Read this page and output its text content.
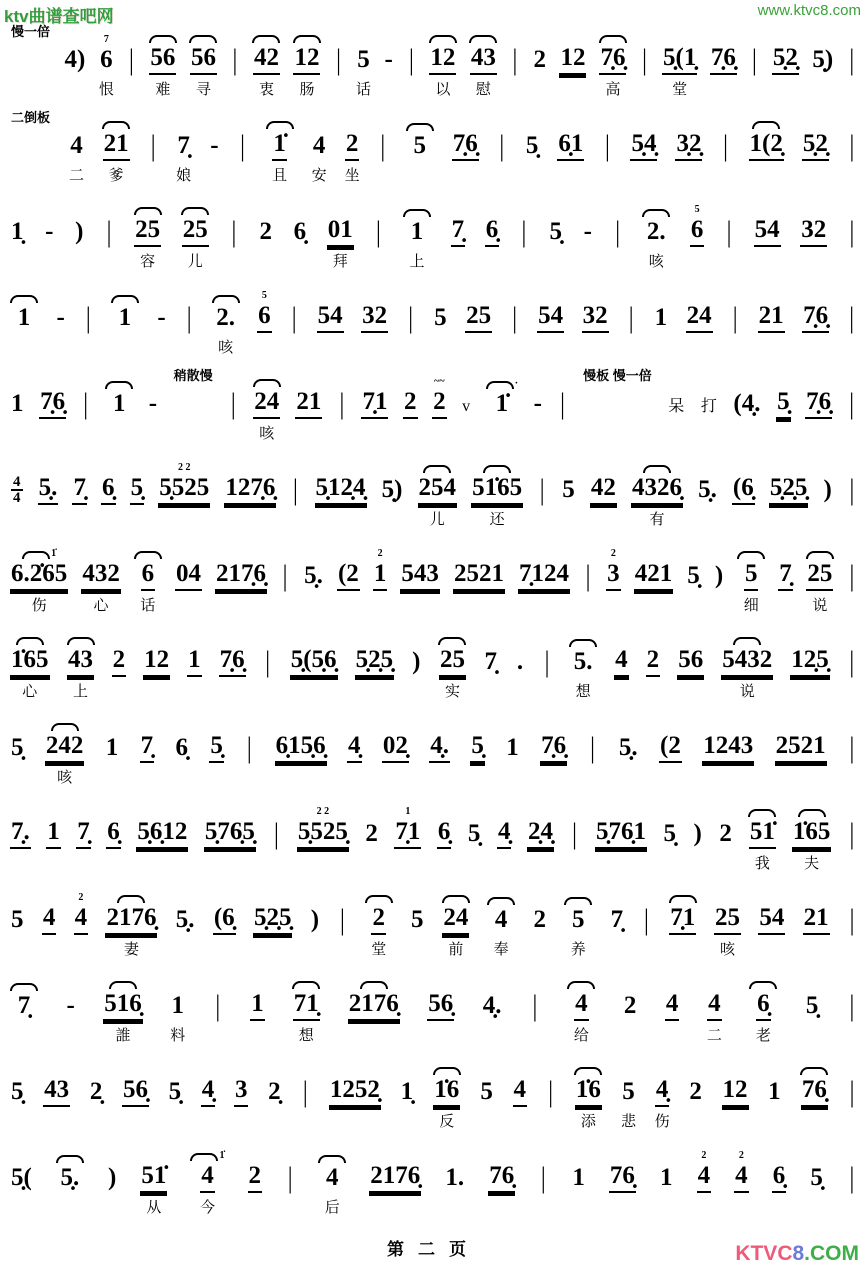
ktv曲谱查吧网	www.ktvc8.com
慢一倍
4)
7
6
恨
| 56
难
56
寻
| 42
衷
12
肠
| 5
话
- | 12
以
43
慰
| 2 12 7̣6̣
高
| 5̣(1̣
堂
7̣6̣ | 5̣2̣ 5̣) |
二倒板
4
二
21
爹
| 7̣
娘
- | 1̇
且
4
安
2
坐
| 5 7̣6̣ | 5̣ 6̣1 | 5̣4̣ 3̣2̣ | 1(2̣ 5̣2̣ |
1̣ - ) | 25
容
25
儿
| 2 6̣ 01
拜
| 1
上
7̣ 6̣ | 5̣ - | 2.
咳
5
6 | 54 32 |
1 - | 1 - | 2.
咳
5
6 | 54 32 | 5 25 | 54 32 | 1 24 | 21 7̣6̣ |
1 7̣6̣ | 1 -
稍散慢
| 24
咳
21 | 7̣1 2
~~
2 v
·
1̇ - |
慢板 慢一倍
呆 打 (4̣. 5̣ 7̣6̣ |
4
4 5̣. 7̣ 6̣ 5̣
2 2
5̣525 127̣6̣ | 5̣12̣4̣ 5̣) 254
儿
51̇65
还
| 5 42 4326̣
有
5̣. (6̣ 5̣2̣5̣ ) |
1̇
6.2̇65
伤
432
心
6
话
04 217̣6̣ | 5̣. (2
2
1 543 2521 7̣124 |
2
3 421 5̣ ) 5
细
7̣ 25
说
|
1̇65
心
43
上
2 12 1 7̣6̣ | 5̣(5̣6̣ 5̣2̣5̣ ) 25
实
7̣ . | 5.
想
4 2 56 5432
说
12̣5̣ |
5̣ 242
咳
1 7̣ 6̣ 5̣ | 6̣15̣6̣ 4̣ 02̣ 4̣. 5̣ 1 7̣6̣ | 5̣. (2 1243 2521 |
7̣. 1 7̣ 6̣ 5̣6̣12 5̣76̣5̣ |
2 2
5̣525̣ 2
1
7̣1 6̣ 5̣ 4̣ 2̣4̣ | 5̣76̣1 5̣ ) 2 51̇
我
1̇65
夫
|
5 4
2
4 2176̣
妻
5̣. (6̣ 5̣2̣5̣ ) | 2
堂
5 24
前
4
奉
2 5
养
7̣ | 7̣1 25
咳
54 21 |
7̣ - 516̣
誰
1
料
| 1 71̣
想
2176̣ 56̣ 4̣. | 4
给
2 4 4
二
6̣
老
5̣ |
5̣ 43 2̣ 56̣ 5̣ 4̣ 3 2̣ | 1252̣ 1̣ 1̇6
反
5 4 | 1̇6
添
5
悲
4̣
伤
2 12 1 76̣ |
5̣( 5̣. ) 51̇
从
1̇
4
今
2 | 4
后
2176̣ 1. 76̣ | 1 76̣ 1
2
4
2
4 6̣ 5̣ |
第二页	KTVC8.COM
